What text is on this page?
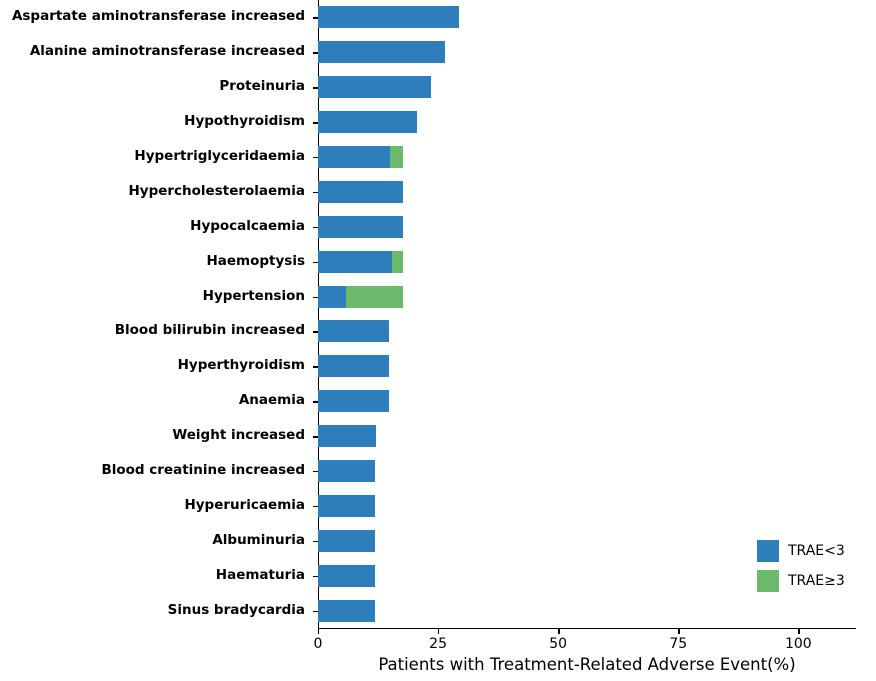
Aspartate aminotransferase increased
Alanine aminotransferase increased
Proteinuria
Hypothyroidism
Hypertriglyceridaemia
Hypercholesterolaemia
Hypocalcaemia
Haemoptysis
Hypertension
Blood bilirubin increased
Hyperthyroidism
Anaemia
Weight increased
Blood creatinine increased
Hyperuricaemia
Albuminuria
Haematuria
Sinus bradycardia
0	25	50	75	100
Patients with Treatment-Related Adverse Event(%)
TRAE<3
TRAE≥3
